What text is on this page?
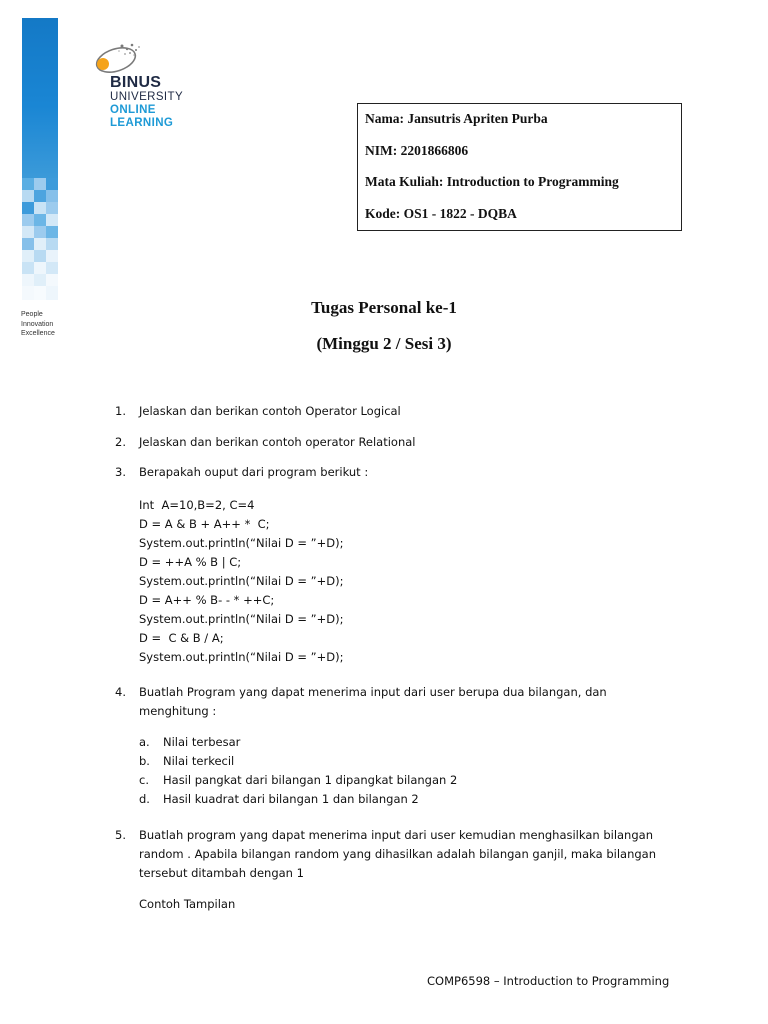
People
Innovation
Excellence
BINUS
UNIVERSITY
ONLINE
LEARNING	Nama: Jansutris Apriten Purba
NIM: 2201866806
Mata Kuliah: Introduction to Programming
Kode: OS1 - 1822 - DQBA
Tugas Personal ke-1
(Minggu 2 / Sesi 3)
1. Jelaskan dan berikan contoh Operator Logical
2. Jelaskan dan berikan contoh operator Relational
3. Berapakah ouput dari program berikut :
Int  A=10,B=2, C=4
D = A & B + A++ *  C;
System.out.println(“Nilai D = ”+D);
D = ++A % B | C;
System.out.println(“Nilai D = ”+D);
D = A++ % B- - * ++C;
System.out.println(“Nilai D = ”+D);
D =  C & B / A;
System.out.println(“Nilai D = ”+D);
4. Buatlah Program yang dapat menerima input dari user berupa dua bilangan, dan menghitung :
a. Nilai terbesar
b. Nilai terkecil
c. Hasil pangkat dari bilangan 1 dipangkat bilangan 2
d. Hasil kuadrat dari bilangan 1 dan bilangan 2
5. Buatlah program yang dapat menerima input dari user kemudian menghasilkan bilangan random . Apabila bilangan random yang dihasilkan adalah bilangan ganjil, maka bilangan tersebut ditambah dengan 1
Contoh Tampilan
COMP6598 – Introduction to Programming
